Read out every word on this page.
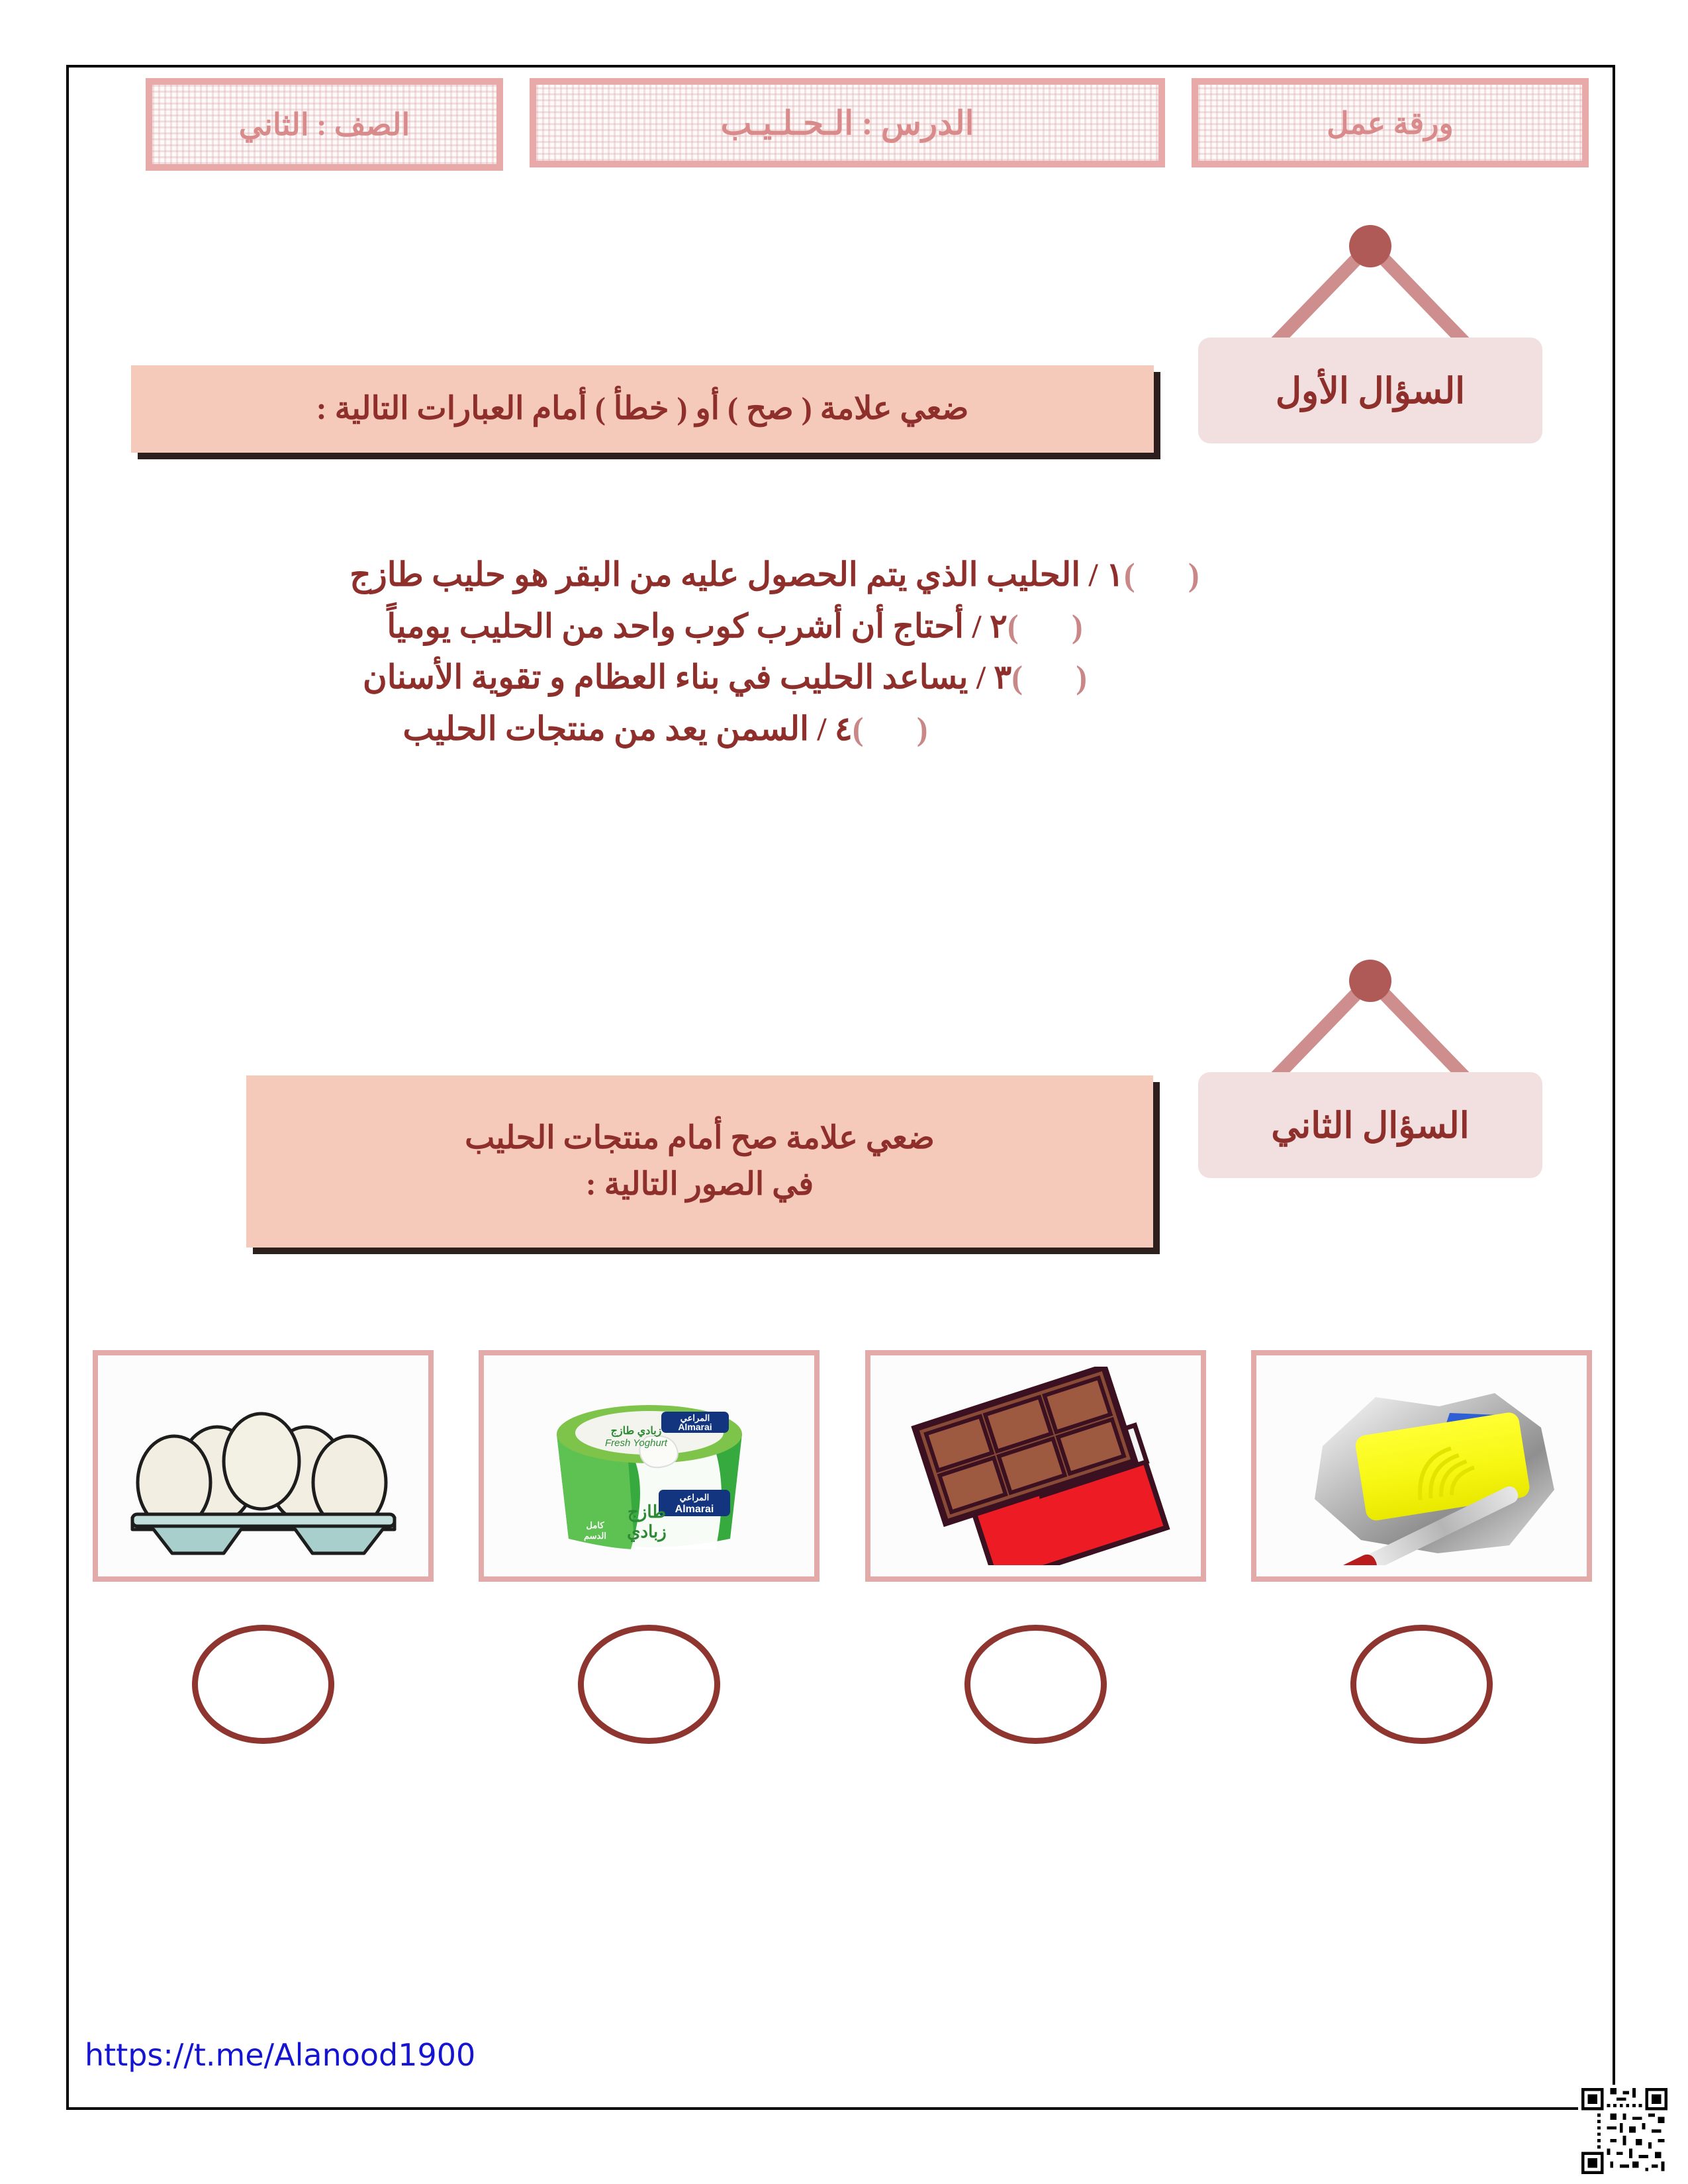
ورقة عمل
الدرس : الـحـلـيـب
الصف : الثاني
السؤال الأول
ضعي علامة ( صح ) أو ( خطأ ) أمام العبارات التالية :
( )
١ / الحليب الذي يتم الحصول عليه من البقر هو حليب طازج
( )
٢ / أحتاج أن أشرب كوب واحد من الحليب يومياً
( )
٣ / يساعد الحليب في بناء العظام و تقوية الأسنان
( )
٤ / السمن يعد من منتجات الحليب
السؤال الثاني
ضعي علامة صح أمام منتجات الحليب
في الصور التالية :
المراعي
Almarai
زبادي طازج
Fresh Yoghurt
المراعي
Almarai
طازج
زبادي
كامل
الدسم
https://t.me/Alanood1900
